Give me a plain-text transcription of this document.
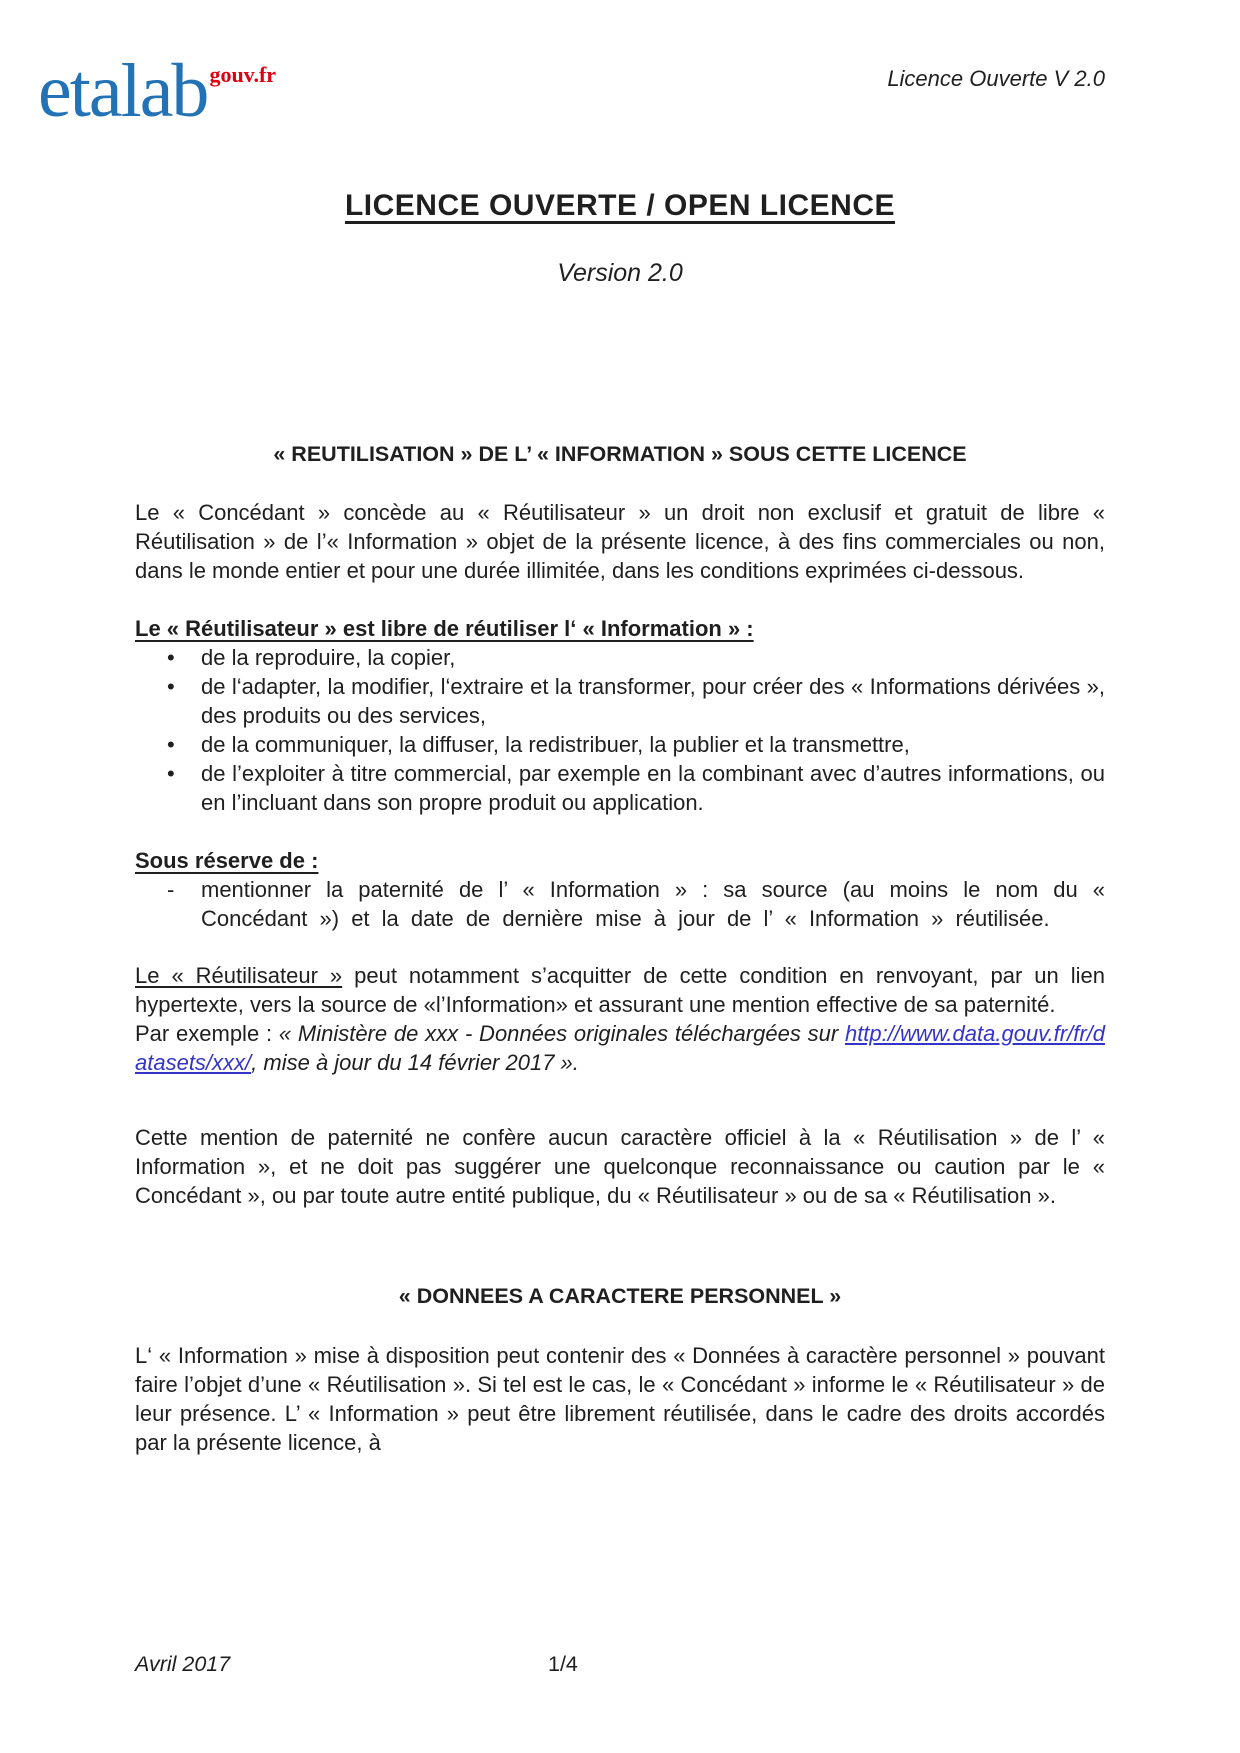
etalab$^{gouv.fr}$	Licence Ouverte V 2.0
LICENCE OUVERTE / OPEN LICENCE
Version 2.0
« REUTILISATION » DE L’ « INFORMATION » SOUS CETTE LICENCE

Le « Concédant » concède au « Réutilisateur » un droit non exclusif et gratuit de libre « Réutilisation » de l’« Information » objet de la présente licence, à des fins commerciales ou non, dans le monde entier et pour une durée illimitée, dans les conditions exprimées ci-dessous.

Le « Réutilisateur » est libre de réutiliser l‘ « Information » :

• de la reproduire, la copier,
• de l‘adapter, la modifier, l‘extraire et la transformer, pour créer des « Informations dérivées », des produits ou des services,
• de la communiquer, la diffuser, la redistribuer, la publier et la transmettre,
• de l’exploiter à titre commercial, par exemple en la combinant avec d’autres informations, ou en l’incluant dans son propre produit ou application.

Sous réserve de :

- mentionner la paternité de l’ « Information » : sa source (au moins le nom du « Concédant ») et la date de dernière mise à jour de l’ « Information » réutilisée.

Le « Réutilisateur » peut notamment s’acquitter de cette condition en renvoyant, par un lien hypertexte, vers la source de «l’Information» et assurant une mention effective de sa paternité.

Par exemple : « Ministère de xxx - Données originales téléchargées sur http://www.data.gouv.fr/fr/datasets/xxx/, mise à jour du 14 février 2017 ».

Cette mention de paternité ne confère aucun caractère officiel à la « Réutilisation » de l’ « Information », et ne doit pas suggérer une quelconque reconnaissance ou caution par le « Concédant », ou par toute autre entité publique, du « Réutilisateur » ou de sa « Réutilisation ».

« DONNEES A CARACTERE PERSONNEL »

L‘ « Information » mise à disposition peut contenir des « Données à caractère personnel » pouvant faire l’objet d’une « Réutilisation ». Si tel est le cas, le « Concédant » informe le « Réutilisateur » de leur présence. L’ « Information » peut être librement réutilisée, dans le cadre des droits accordés par la présente licence, à

Avril 2017	1/4
